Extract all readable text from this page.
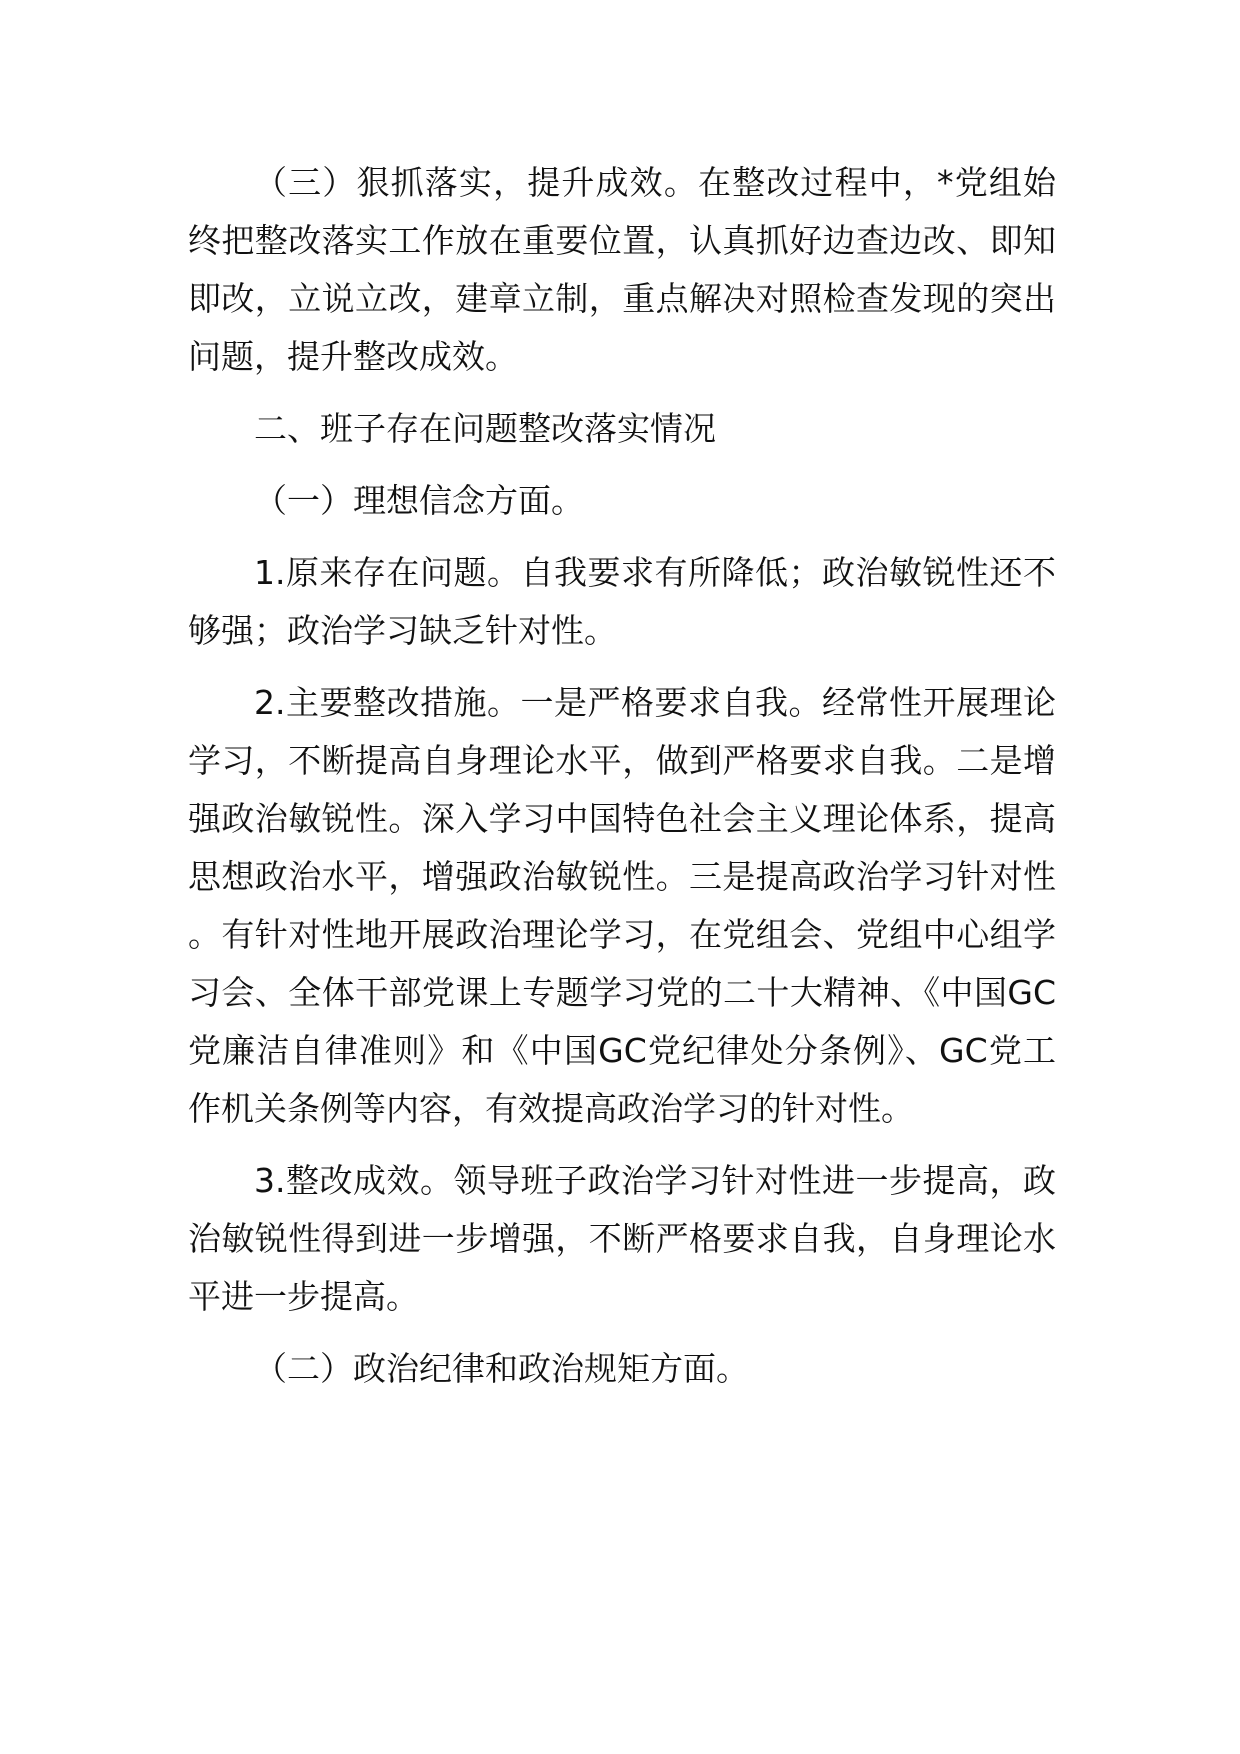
（三）狠抓落实，提升成效。在整改过程中，*党组始终把整改落实工作放在重要位置，认真抓好边查边改、即知即改，立说立改，建章立制，重点解决对照检查发现的突出问题，提升整改成效。

二、班子存在问题整改落实情况

（一）理想信念方面。

1.原来存在问题。自我要求有所降低；政治敏锐性还不够强；政治学习缺乏针对性。

2.主要整改措施。一是严格要求自我。经常性开展理论学习，不断提高自身理论水平，做到严格要求自我。二是增强政治敏锐性。深入学习中国特色社会主义理论体系，提高思想政治水平，增强政治敏锐性。三是提高政治学习针对性。有针对性地开展政治理论学习，在党组会、党组中心组学习会、全体干部党课上专题学习党的二十大精神、《中国GC党廉洁自律准则》和《中国GC党纪律处分条例》、GC党工作机关条例等内容，有效提高政治学习的针对性。

3.整改成效。领导班子政治学习针对性进一步提高，政治敏锐性得到进一步增强，不断严格要求自我，自身理论水平进一步提高。

（二）政治纪律和政治规矩方面。
